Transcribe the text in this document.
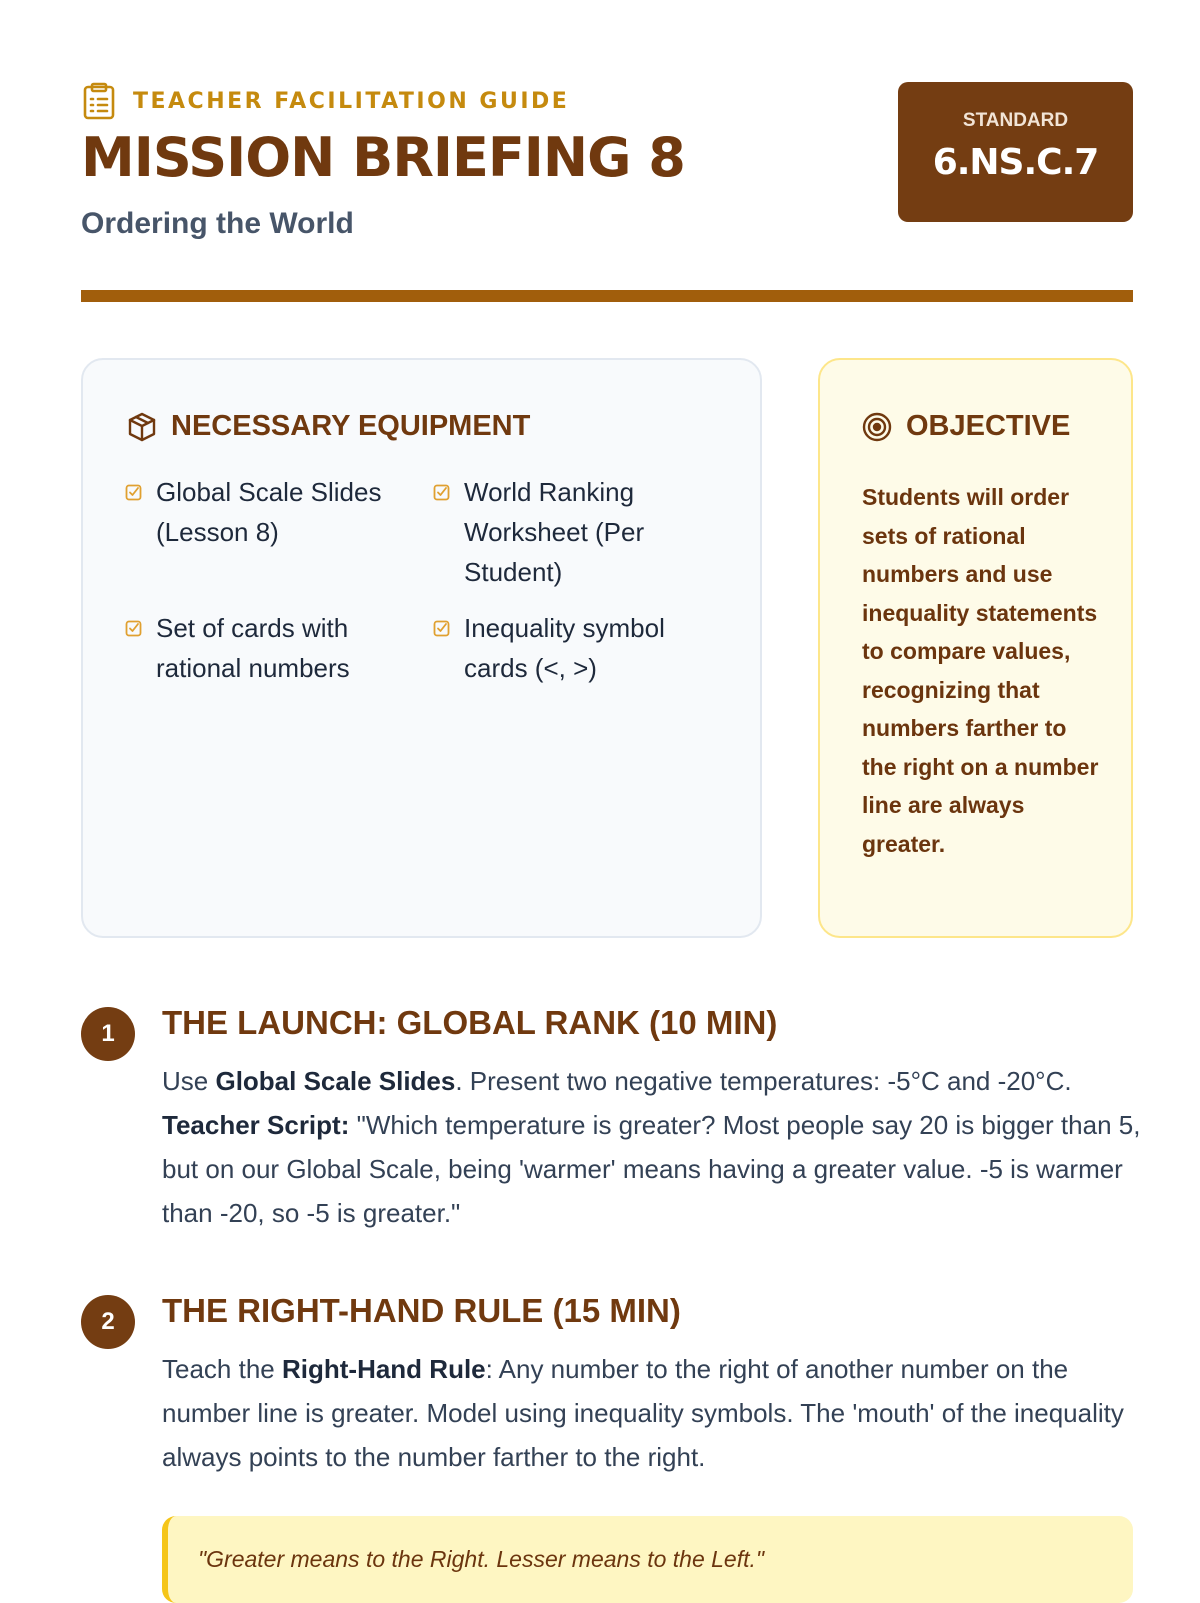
TEACHER FACILITATION GUIDE
MISSION BRIEFING 8
Ordering the World
STANDARD
6.NS.C.7
NECESSARY EQUIPMENT
Global Scale Slides (Lesson 8)
World Ranking Worksheet (Per Student)
Set of cards with rational numbers
Inequality symbol cards (<, >)
OBJECTIVE
Students will order sets of rational numbers and use inequality statements to compare values, recognizing that numbers farther to the right on a number line are always greater.
1	THE LAUNCH: GLOBAL RANK (10 MIN)
Use Global Scale Slides. Present two negative temperatures: -5°C and -20°C. Teacher Script: "Which temperature is greater? Most people say 20 is bigger than 5, but on our Global Scale, being 'warmer' means having a greater value. -5 is warmer than -20, so -5 is greater."
2	THE RIGHT-HAND RULE (15 MIN)
Teach the Right-Hand Rule: Any number to the right of another number on the number line is greater. Model using inequality symbols. The 'mouth' of the inequality always points to the number farther to the right.
"Greater means to the Right. Lesser means to the Left."
